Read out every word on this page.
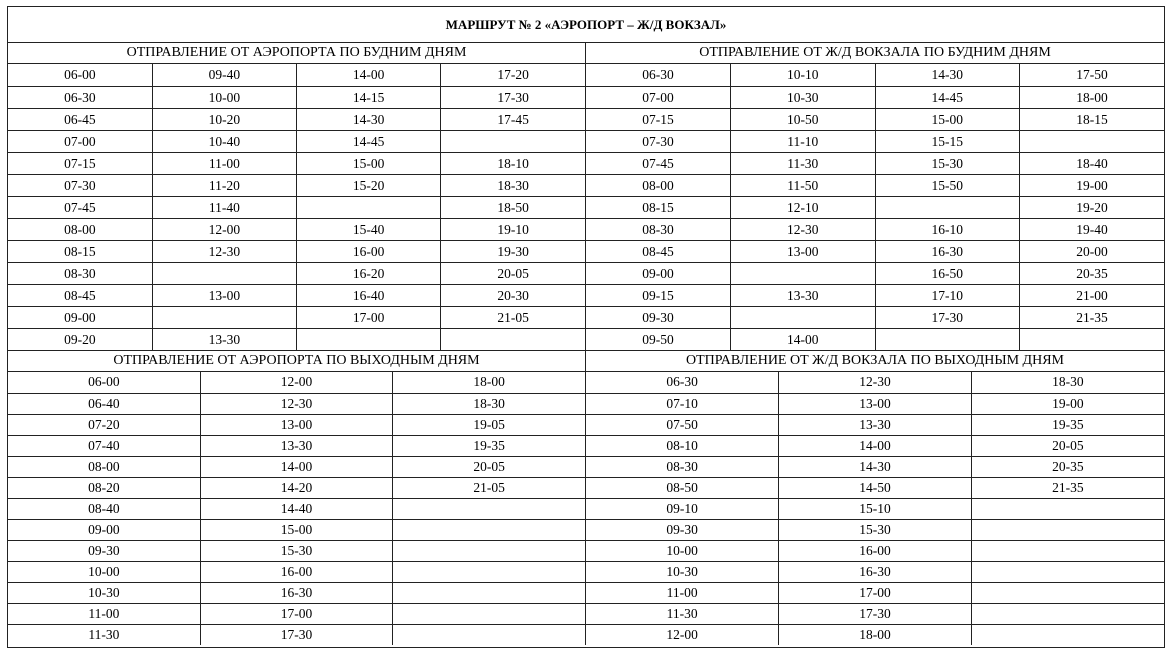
МАРШРУТ № 2 «АЭРОПОРТ – Ж/Д ВОКЗАЛ»
ОТПРАВЛЕНИЕ ОТ АЭРОПОРТА ПО БУДНИМ ДНЯМ
06-00	09-40	14-00	17-20
06-30	10-00	14-15	17-30
06-45	10-20	14-30	17-45
07-00	10-40	14-45	
07-15	11-00	15-00	18-10
07-30	11-20	15-20	18-30
07-45	11-40		18-50
08-00	12-00	15-40	19-10
08-15	12-30	16-00	19-30
08-30		16-20	20-05
08-45	13-00	16-40	20-30
09-00		17-00	21-05
09-20	13-30		
ОТПРАВЛЕНИЕ ОТ Ж/Д ВОКЗАЛА ПО БУДНИМ ДНЯМ
06-30	10-10	14-30	17-50
07-00	10-30	14-45	18-00
07-15	10-50	15-00	18-15
07-30	11-10	15-15	
07-45	11-30	15-30	18-40
08-00	11-50	15-50	19-00
08-15	12-10		19-20
08-30	12-30	16-10	19-40
08-45	13-00	16-30	20-00
09-00		16-50	20-35
09-15	13-30	17-10	21-00
09-30		17-30	21-35
09-50	14-00		
ОТПРАВЛЕНИЕ ОТ АЭРОПОРТА ПО ВЫХОДНЫМ ДНЯМ
06-00	12-00	18-00
06-40	12-30	18-30
07-20	13-00	19-05
07-40	13-30	19-35
08-00	14-00	20-05
08-20	14-20	21-05
08-40	14-40	
09-00	15-00	
09-30	15-30	
10-00	16-00	
10-30	16-30	
11-00	17-00	
11-30	17-30	
ОТПРАВЛЕНИЕ ОТ Ж/Д ВОКЗАЛА ПО ВЫХОДНЫМ ДНЯМ
06-30	12-30	18-30
07-10	13-00	19-00
07-50	13-30	19-35
08-10	14-00	20-05
08-30	14-30	20-35
08-50	14-50	21-35
09-10	15-10	
09-30	15-30	
10-00	16-00	
10-30	16-30	
11-00	17-00	
11-30	17-30	
12-00	18-00	
